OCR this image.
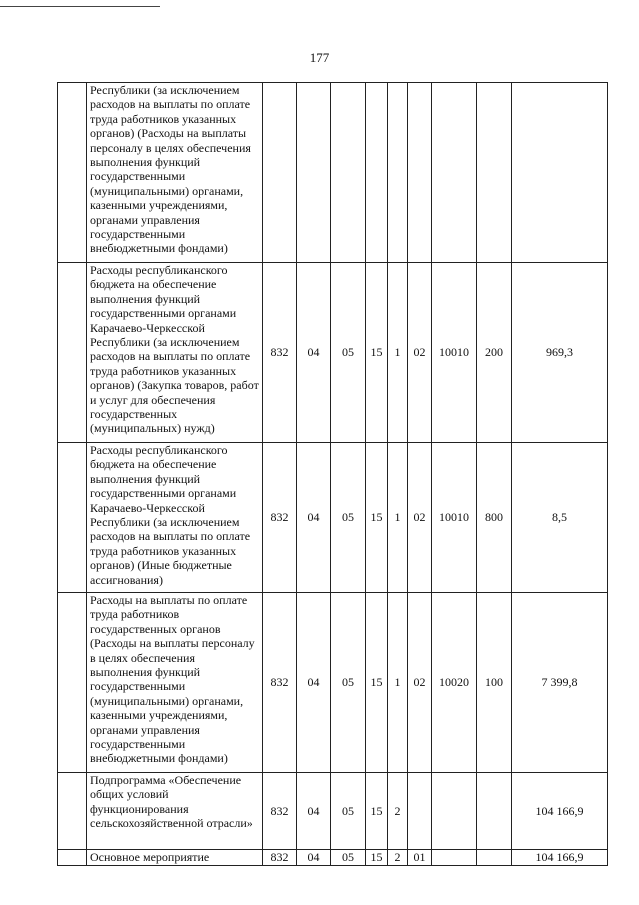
177
	Республики (за исключением расходов на выплаты по оплате труда работников указанных органов) (Расходы на выплаты персоналу в целях обеспечения выполнения функций государственными (муниципальными) органами, казенными учреждениями, органами управления государственными внебюджетными фондами)									
	Расходы республиканского бюджета на обеспечение выполнения функций государственными органами Карачаево-Черкесской Республики (за исключением расходов на выплаты по оплате труда работников указанных органов) (Закупка товаров, работ и услуг для обеспечения государственных (муниципальных) нужд)	832	04	05	15	1	02	10010	200	969,3
	Расходы республиканского бюджета на обеспечение выполнения функций государственными органами Карачаево-Черкесской Республики (за исключением расходов на выплаты по оплате труда работников указанных органов) (Иные бюджетные ассигнования)	832	04	05	15	1	02	10010	800	8,5
	Расходы на выплаты по оплате труда работников государственных органов (Расходы на выплаты персоналу в целях обеспечения выполнения функций государственными (муниципальными) органами, казенными учреждениями, органами управления государственными внебюджетными фондами)	832	04	05	15	1	02	10020	100	7 399,8
	Подпрограмма «Обеспечение общих условий функционирования сельскохозяйственной отрасли»	832	04	05	15	2				104 166,9
	Основное мероприятие	832	04	05	15	2	01			104 166,9
